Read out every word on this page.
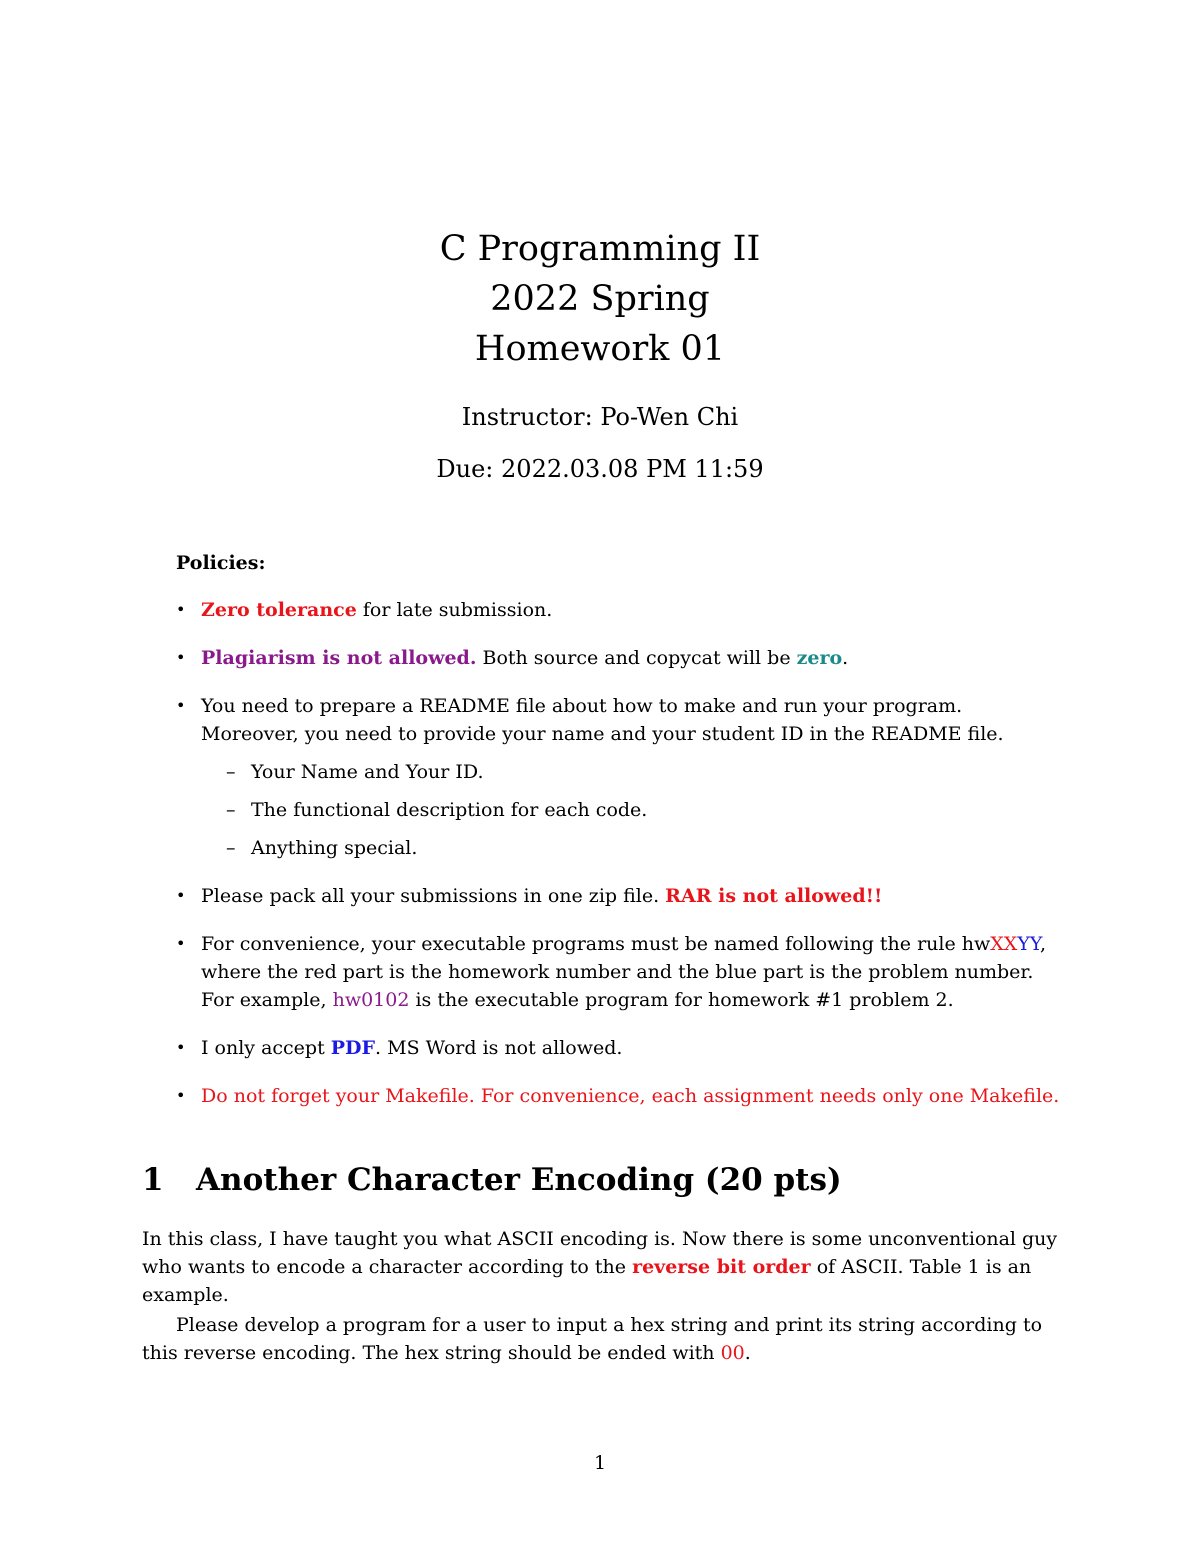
C Programming II
2022 Spring
Homework 01
Instructor: Po-Wen Chi
Due: 2022.03.08 PM 11:59
Policies:
• Zero tolerance for late submission.
• Plagiarism is not allowed. Both source and copycat will be zero.
• You need to prepare a README file about how to make and run your program. Moreover, you need to provide your name and your student ID in the README file.
– Your Name and Your ID.
– The functional description for each code.
– Anything special.
• Please pack all your submissions in one zip file. RAR is not allowed!!
• For convenience, your executable programs must be named following the rule hwXXYY, where the red part is the homework number and the blue part is the problem number. For example, hw0102 is the executable program for homework #1 problem 2.
• I only accept PDF. MS Word is not allowed.
• Do not forget your Makefile. For convenience, each assignment needs only one Makefile.
1 Another Character Encoding (20 pts)
In this class, I have taught you what ASCII encoding is. Now there is some unconventional guy who wants to encode a character according to the reverse bit order of ASCII. Table 1 is an example.
Please develop a program for a user to input a hex string and print its string according to this reverse encoding. The hex string should be ended with 00.
1
